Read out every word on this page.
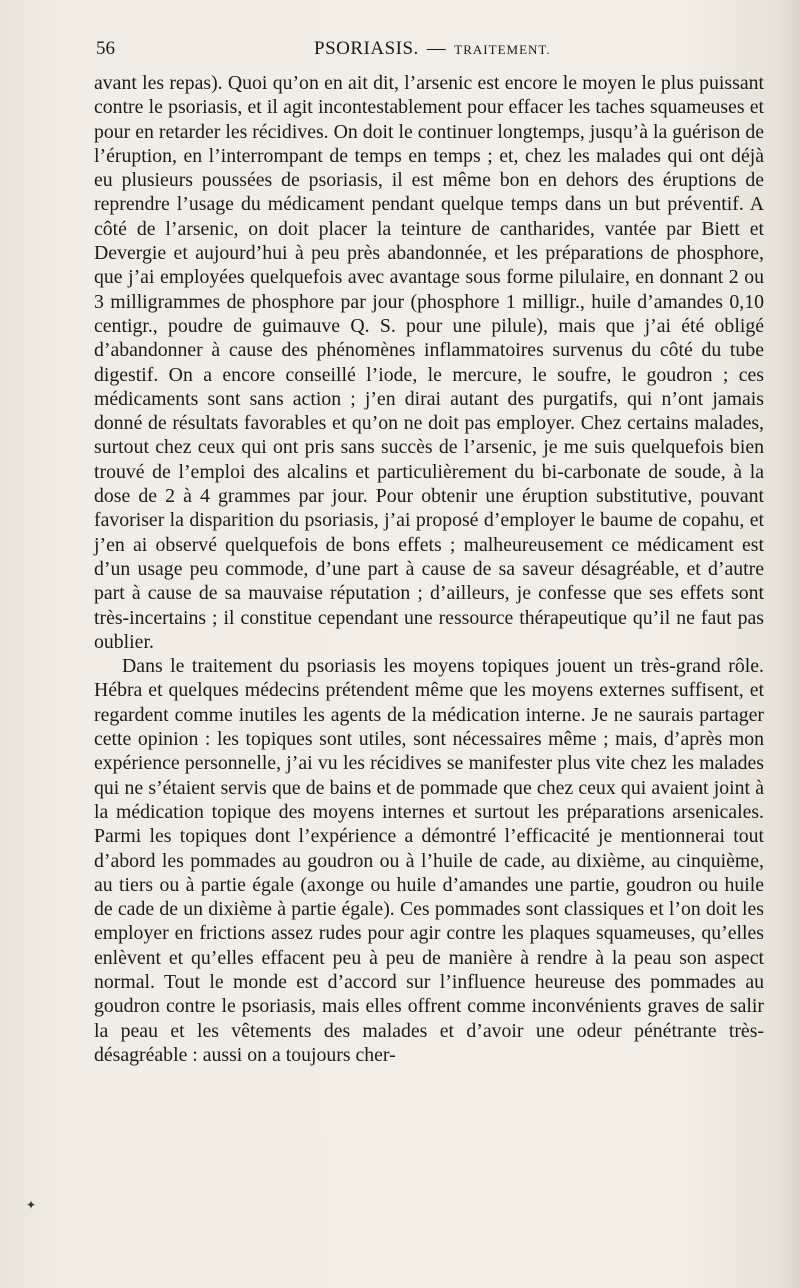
56	PSORIASIS. — TRAITEMENT.

avant les repas). Quoi qu’on en ait dit, l’arsenic est encore le moyen le plus puissant contre le psoriasis, et il agit incontestablement pour effacer les taches squameuses et pour en retarder les récidives. On doit le continuer longtemps, jusqu’à la guérison de l’éruption, en l’interrompant de temps en temps ; et, chez les malades qui ont déjà eu plusieurs poussées de psoriasis, il est même bon en dehors des éruptions de reprendre l’usage du médicament pendant quelque temps dans un but préventif. A côté de l’arsenic, on doit placer la teinture de cantharides, vantée par Biett et Devergie et aujourd’hui à peu près abandonnée, et les préparations de phosphore, que j’ai employées quelquefois avec avantage sous forme pilulaire, en donnant 2 ou 3 milligrammes de phosphore par jour (phosphore 1 milligr., huile d’amandes 0,10 centigr., poudre de guimauve Q. S. pour une pilule), mais que j’ai été obligé d’abandonner à cause des phénomènes inflammatoires survenus du côté du tube digestif. On a encore conseillé l’iode, le mercure, le soufre, le goudron ; ces médicaments sont sans action ; j’en dirai autant des purgatifs, qui n’ont jamais donné de résultats favorables et qu’on ne doit pas employer. Chez certains malades, surtout chez ceux qui ont pris sans succès de l’arsenic, je me suis quelquefois bien trouvé de l’emploi des alcalins et particulièrement du bi-carbonate de soude, à la dose de 2 à 4 grammes par jour. Pour obtenir une éruption substitutive, pouvant favoriser la disparition du psoriasis, j’ai proposé d’employer le baume de copahu, et j’en ai observé quelquefois de bons effets ; malheureusement ce médicament est d’un usage peu commode, d’une part à cause de sa saveur désagréable, et d’autre part à cause de sa mauvaise réputation ; d’ailleurs, je confesse que ses effets sont très-incertains ; il constitue cependant une ressource thérapeutique qu’il ne faut pas oublier.

Dans le traitement du psoriasis les moyens topiques jouent un très-grand rôle. Hébra et quelques médecins prétendent même que les moyens externes suffisent, et regardent comme inutiles les agents de la médication interne. Je ne saurais partager cette opinion : les topiques sont utiles, sont nécessaires même ; mais, d’après mon expérience personnelle, j’ai vu les récidives se manifester plus vite chez les malades qui ne s’étaient servis que de bains et de pommade que chez ceux qui avaient joint à la médication topique des moyens internes et surtout les préparations arsenicales. Parmi les topiques dont l’expérience a démontré l’efficacité je mentionnerai tout d’abord les pommades au goudron ou à l’huile de cade, au dixième, au cinquième, au tiers ou à partie égale (axonge ou huile d’amandes une partie, goudron ou huile de cade de un dixième à partie égale). Ces pommades sont classiques et l’on doit les employer en frictions assez rudes pour agir contre les plaques squameuses, qu’elles enlèvent et qu’elles effacent peu à peu de manière à rendre à la peau son aspect normal. Tout le monde est d’accord sur l’influence heureuse des pommades au goudron contre le psoriasis, mais elles offrent comme inconvénients graves de salir la peau et les vêtements des malades et d’avoir une odeur pénétrante très-désagréable : aussi on a toujours cher-

✦
